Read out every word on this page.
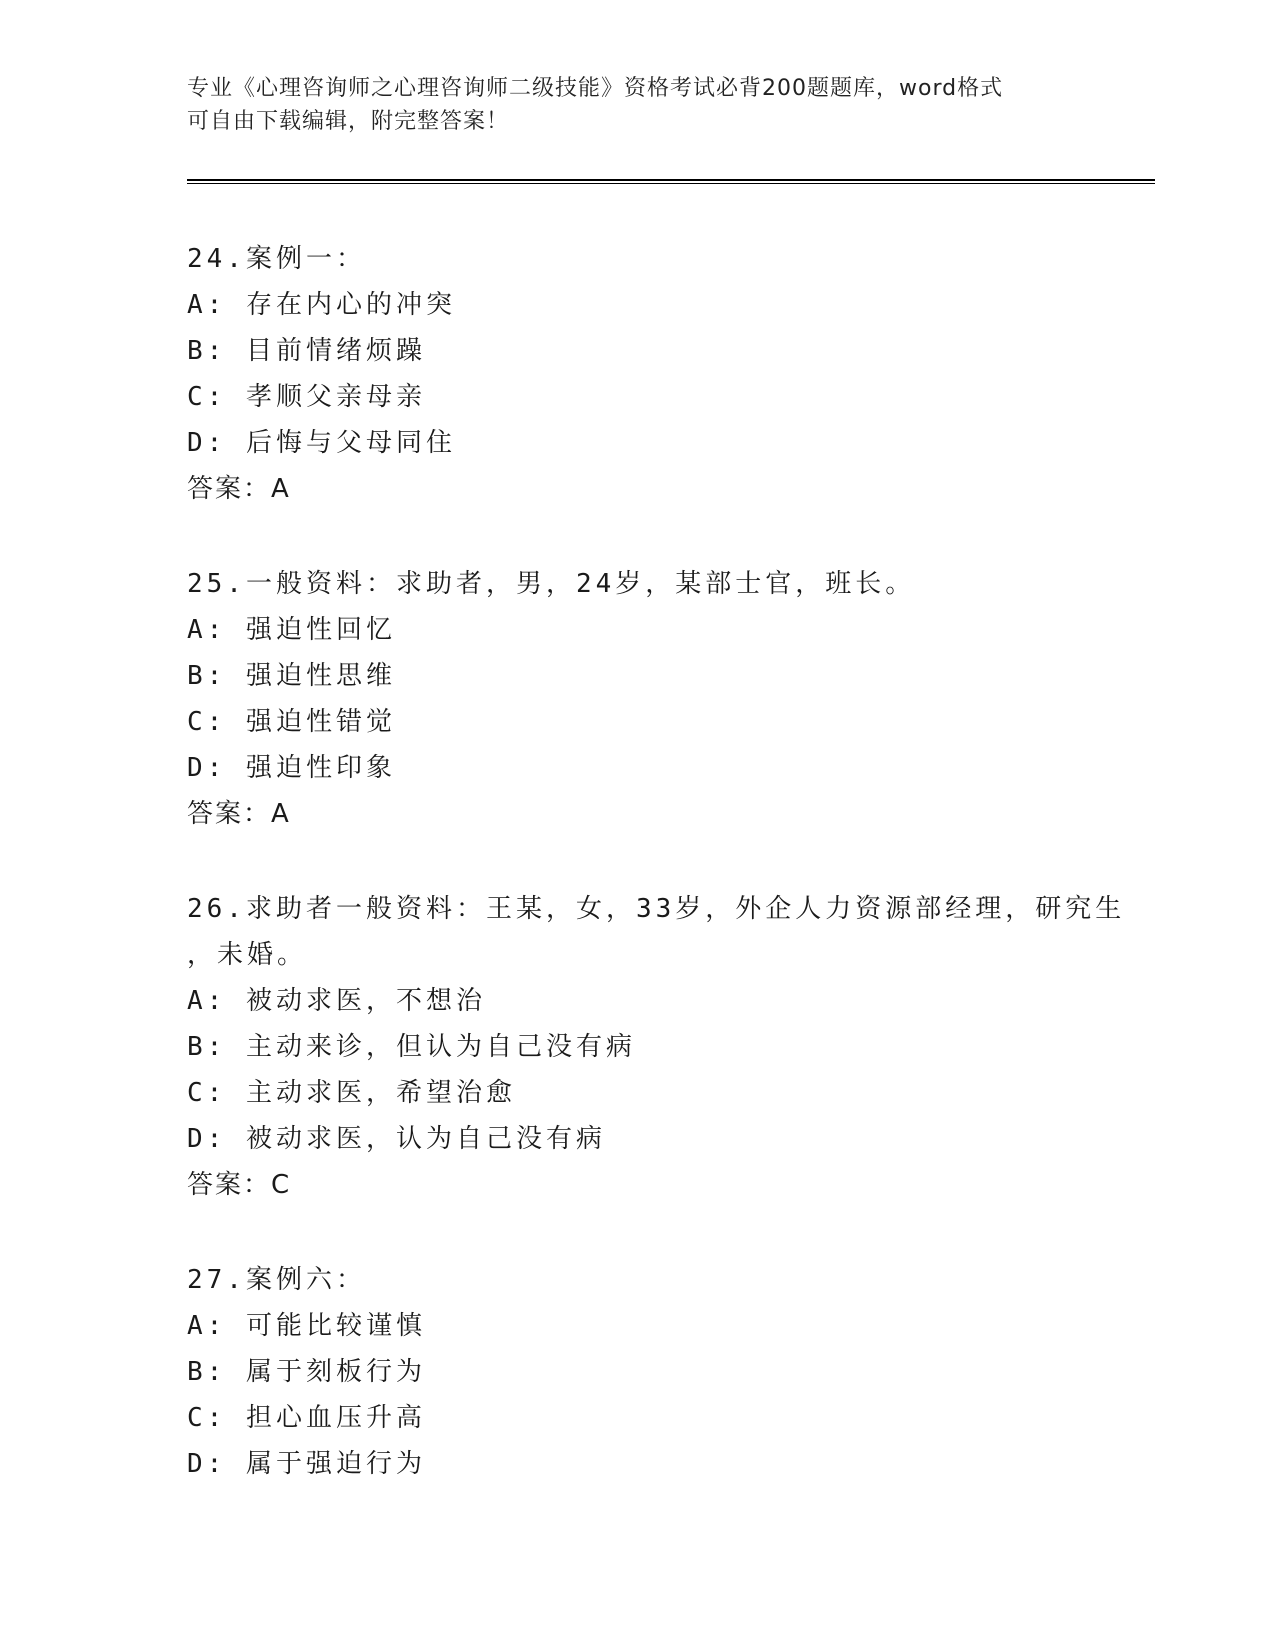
专业《心理咨询师之心理咨询师二级技能》资格考试必背200题题库，word格式
可自由下载编辑，附完整答案！
24.案例一：
A: 存在内心的冲突
B: 目前情绪烦躁
C: 孝顺父亲母亲
D: 后悔与父母同住
答案：A
25.一般资料：求助者，男，24岁，某部士官，班长。
A: 强迫性回忆
B: 强迫性思维
C: 强迫性错觉
D: 强迫性印象
答案：A
26.求助者一般资料：王某，女，33岁，外企人力资源部经理，研究生
，未婚。
A: 被动求医，不想治
B: 主动来诊，但认为自己没有病
C: 主动求医，希望治愈
D: 被动求医，认为自己没有病
答案：C
27.案例六：
A: 可能比较谨慎
B: 属于刻板行为
C: 担心血压升高
D: 属于强迫行为
